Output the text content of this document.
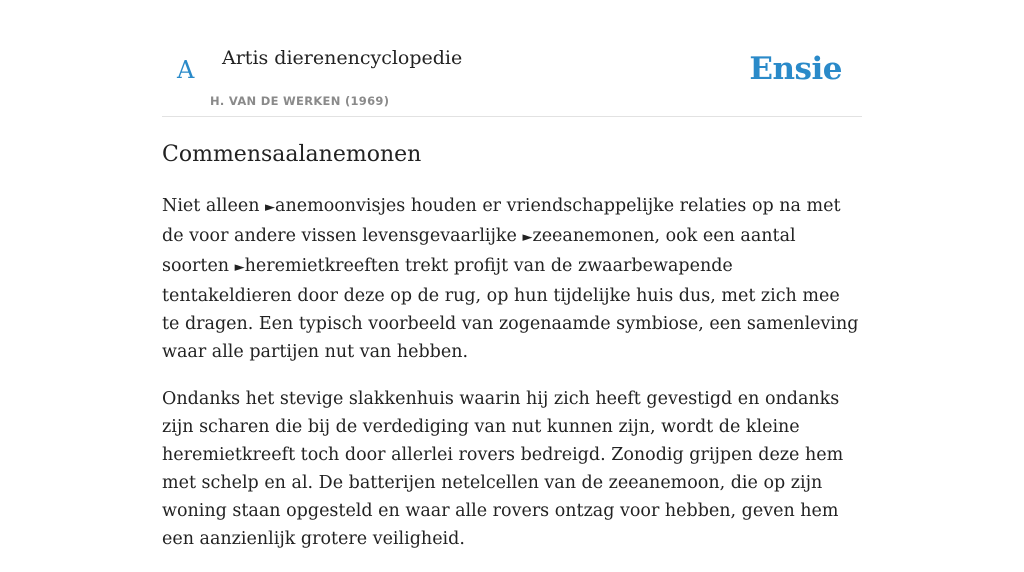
A Artis dierenencyclopedie
H. VAN DE WERKEN (1969)
Ensie
Commensaalanemonen

Niet alleen ►anemoonvisjes houden er vriendschappelijke relaties op na met de voor andere vissen levensgevaarlijke ►zeeanemonen, ook een aantal soorten ►heremietkreeften trekt profijt van de zwaarbewapende tentakeldieren door deze op de rug, op hun tijdelijke huis dus, met zich mee te dragen. Een typisch voorbeeld van zogenaamde symbiose, een samenleving waar alle partijen nut van hebben.

Ondanks het stevige slakkenhuis waarin hij zich heeft gevestigd en ondanks zijn scharen die bij de verdediging van nut kunnen zijn, wordt de kleine heremietkreeft toch door allerlei rovers bedreigd. Zonodig grijpen deze hem met schelp en al. De batterijen netelcellen van de zeeanemoon, die op zijn woning staan opgesteld en waar alle rovers ontzag voor hebben, geven hem een aanzienlijk grotere veiligheid.
